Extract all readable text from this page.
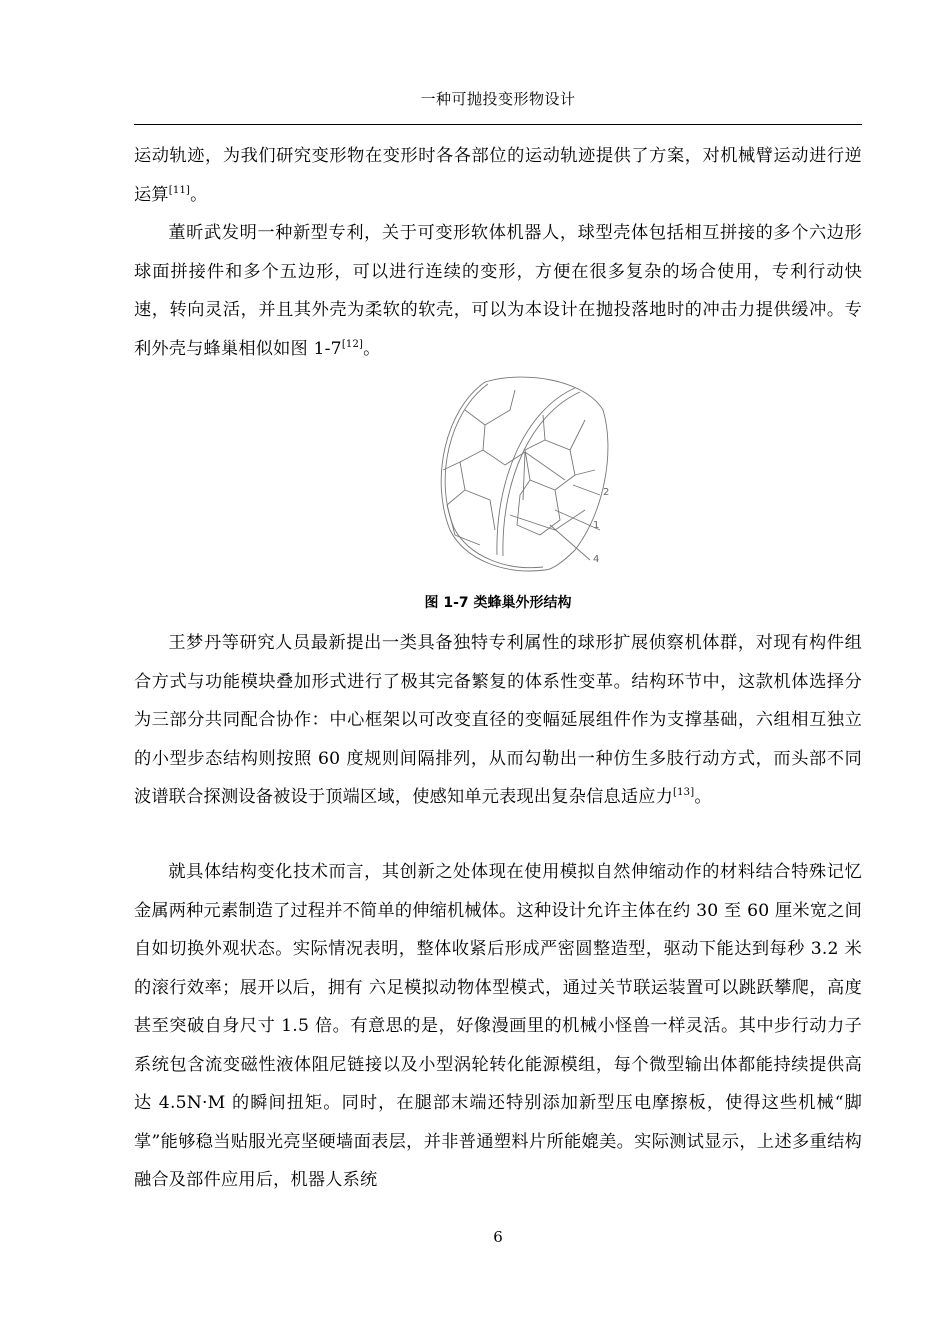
一种可抛投变形物设计

运动轨迹，为我们研究变形物在变形时各各部位的运动轨迹提供了方案，对机械臂运动进行逆运算[11]。

董昕武发明一种新型专利，关于可变形软体机器人，球型壳体包括相互拼接的多个六边形球面拼接件和多个五边形，可以进行连续的变形，方便在很多复杂的场合使用，专利行动快速，转向灵活，并且其外壳为柔软的软壳，可以为本设计在抛投落地时的冲击力提供缓冲。专利外壳与蜂巢相似如图 1-7[12]。

2
1
4
图 1-7 类蜂巢外形结构

王梦丹等研究人员最新提出一类具备独特专利属性的球形扩展侦察机体群，对现有构件组合方式与功能模块叠加形式进行了极其完备繁复的体系性变革。结构环节中，这款机体选择分为三部分共同配合协作：中心框架以可改变直径的变幅延展组件作为支撑基础，六组相互独立的小型步态结构则按照 60 度规则间隔排列，从而勾勒出一种仿生多肢行动方式，而头部不同波谱联合探测设备被设于顶端区域，使感知单元表现出复杂信息适应力[13]。

就具体结构变化技术而言，其创新之处体现在使用模拟自然伸缩动作的材料结合特殊记忆金属两种元素制造了过程并不简单的伸缩机械体。这种设计允许主体在约 30 至 60 厘米宽之间自如切换外观状态。实际情况表明，整体收紧后形成严密圆整造型，驱动下能达到每秒 3.2 米的滚行效率；展开以后，拥有 六足模拟动物体型模式，通过关节联运装置可以跳跃攀爬，高度甚至突破自身尺寸 1.5 倍。有意思的是，好像漫画里的机械小怪兽一样灵活。其中步行动力子系统包含流变磁性液体阻尼链接以及小型涡轮转化能源模组，每个微型输出体都能持续提供高达 4.5N·M 的瞬间扭矩。同时，在腿部末端还特别添加新型压电摩擦板，使得这些机械“脚掌”能够稳当贴服光亮坚硬墙面表层，并非普通塑料片所能媲美。实际测试显示，上述多重结构融合及部件应用后，机器人系统

6
